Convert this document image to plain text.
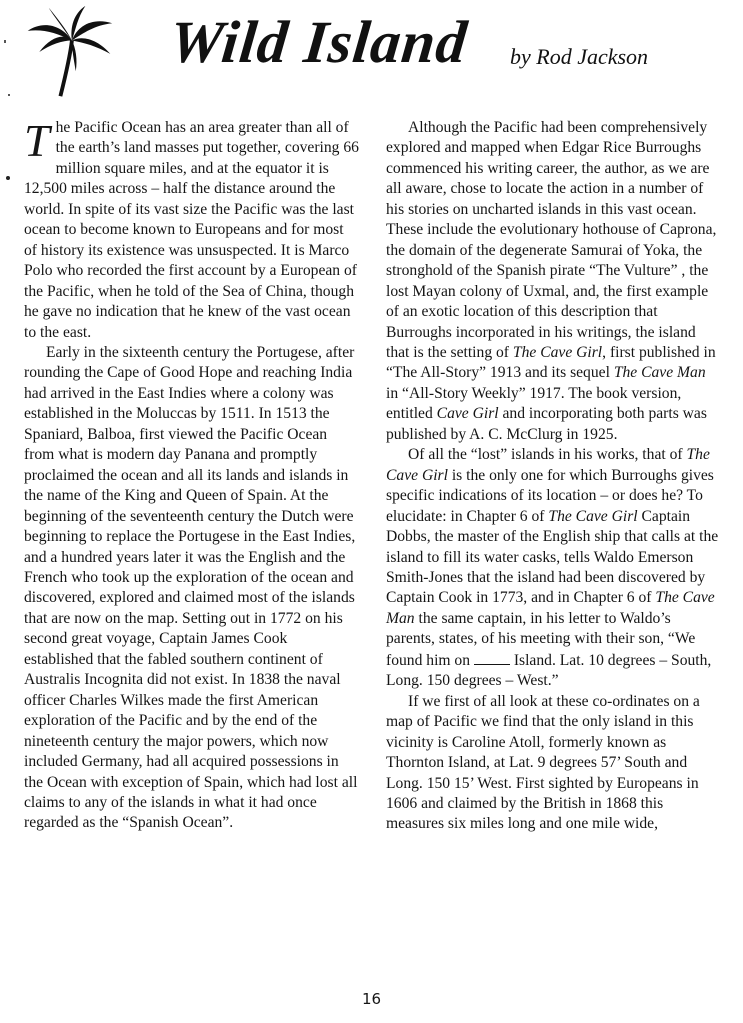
Wild Island by Rod Jackson

The Pacific Ocean has an area greater than all of the earth’s land masses put together, covering 66 million square miles, and at the equator it is 12,500 miles across – half the distance around the world. In spite of its vast size the Pacific was the last ocean to become known to Europeans and for most of history its existence was unsuspected. It is Marco Polo who recorded the first account by a European of the Pacific, when he told of the Sea of China, though he gave no indication that he knew of the vast ocean to the east.

Early in the sixteenth century the Portugese, after rounding the Cape of Good Hope and reaching India had arrived in the East Indies where a colony was established in the Moluccas by 1511. In 1513 the Spaniard, Balboa, first viewed the Pacific Ocean from what is modern day Panana and promptly proclaimed the ocean and all its lands and islands in the name of the King and Queen of Spain. At the beginning of the seventeenth century the Dutch were beginning to replace the Portugese in the East Indies, and a hundred years later it was the English and the French who took up the exploration of the ocean and discovered, explored and claimed most of the islands that are now on the map. Setting out in 1772 on his second great voyage, Captain James Cook established that the fabled southern continent of Australis Incognita did not exist. In 1838 the naval officer Charles Wilkes made the first American exploration of the Pacific and by the end of the nineteenth century the major powers, which now included Germany, had all acquired possessions in the Ocean with exception of Spain, which had lost all claims to any of the islands in what it had once regarded as the “Spanish Ocean”.

Although the Pacific had been comprehensively explored and mapped when Edgar Rice Burroughs commenced his writing career, the author, as we are all aware, chose to locate the action in a number of his stories on uncharted islands in this vast ocean. These include the evolutionary hothouse of Caprona, the domain of the degenerate Samurai of Yoka, the stronghold of the Spanish pirate “The Vulture” , the lost Mayan colony of Uxmal, and, the first example of an exotic location of this description that Burroughs incorporated in his writings, the island that is the setting of The Cave Girl, first published in “The All-Story” 1913 and its sequel The Cave Man in “All-Story Weekly” 1917. The book version, entitled Cave Girl and incorporating both parts was published by A. C. McClurg in 1925.

Of all the “lost” islands in his works, that of The Cave Girl is the only one for which Burroughs gives specific indications of its location – or does he? To elucidate: in Chapter 6 of The Cave Girl Captain Dobbs, the master of the English ship that calls at the island to fill its water casks, tells Waldo Emerson Smith-Jones that the island had been discovered by Captain Cook in 1773, and in Chapter 6 of The Cave Man the same captain, in his letter to Waldo’s parents, states, of his meeting with their son, “We found him on  Island. Lat. 10 degrees – South, Long. 150 degrees – West.”

If we first of all look at these co-ordinates on a map of Pacific we find that the only island in this vicinity is Caroline Atoll, formerly known as Thornton Island, at Lat. 9 degrees 57’ South and Long. 150 15’ West. First sighted by Europeans in 1606 and claimed by the British in 1868 this measures six miles long and one mile wide,

16
